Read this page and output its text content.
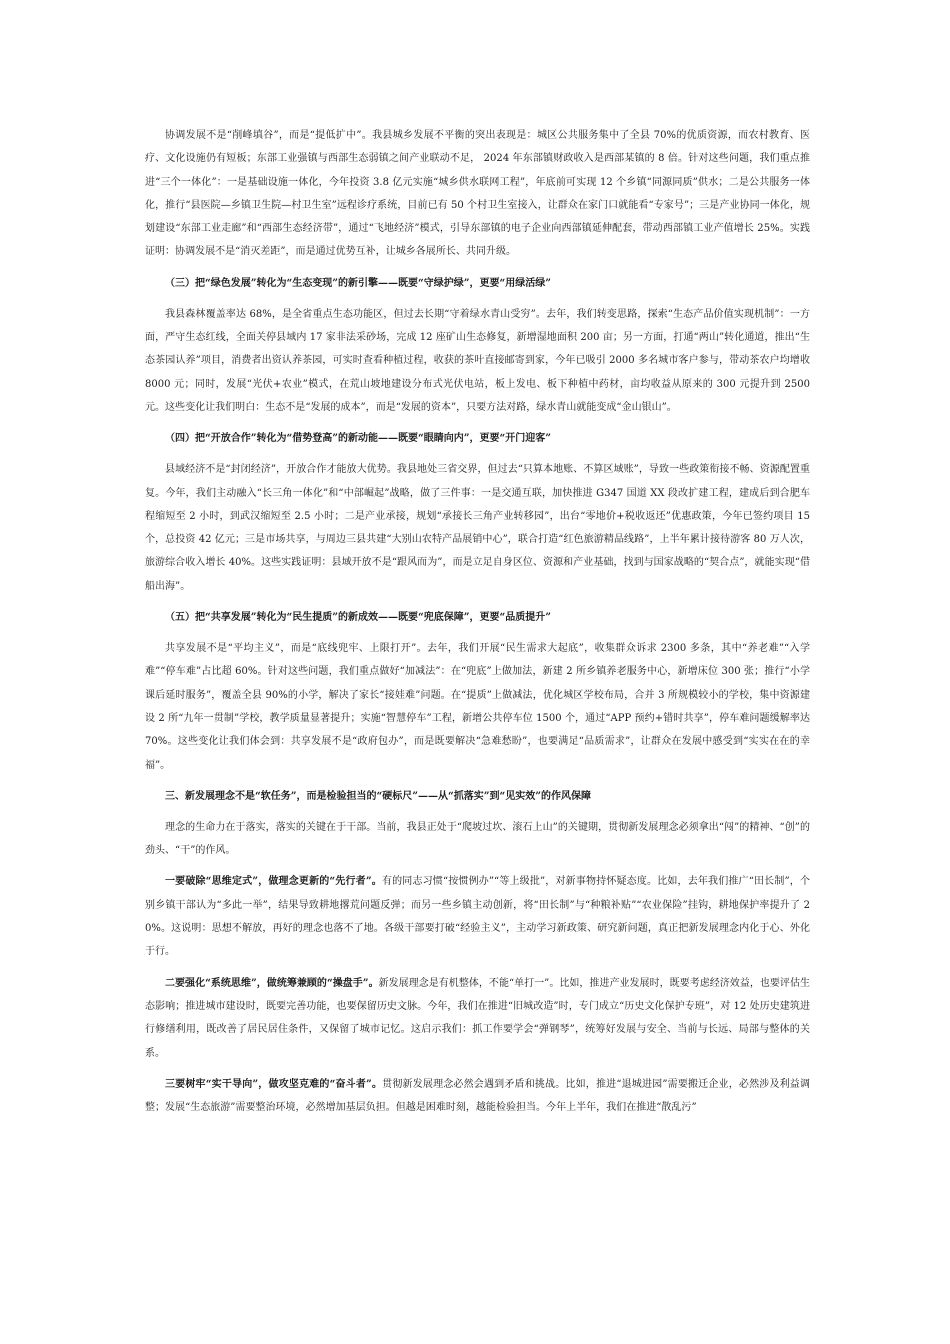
协调发展不是“削峰填谷”，而是“提低扩中”。我县城乡发展不平衡的突出表现是：城区公共服务集中了全县 70%的优质资源，而农村教育、医疗、文化设施仍有短板；东部工业强镇与西部生态弱镇之间产业联动不足， 2024 年东部镇财政收入是西部某镇的 8 倍。针对这些问题，我们重点推进“三个一体化”：一是基础设施一体化，今年投资 3.8 亿元实施“城乡供水联网工程”，年底前可实现 12 个乡镇“同源同质”供水；二是公共服务一体化，推行“县医院—乡镇卫生院—村卫生室”远程诊疗系统，目前已有 50 个村卫生室接入，让群众在家门口就能看“专家号”；三是产业协同一体化，规划建设“东部工业走廊”和“西部生态经济带”，通过“飞地经济”模式，引导东部镇的电子企业向西部镇延伸配套，带动西部镇工业产值增长 25%。实践证明：协调发展不是“消灭差距”，而是通过优势互补，让城乡各展所长、共同升级。

（三）把“绿色发展”转化为“生态变现”的新引擎——既要“守绿护绿”，更要“用绿活绿”

我县森林覆盖率达 68%，是全省重点生态功能区，但过去长期“守着绿水青山受穷”。去年，我们转变思路，探索“生态产品价值实现机制”：一方面，严守生态红线，全面关停县域内 17 家非法采砂场，完成 12 座矿山生态修复，新增湿地面积 200 亩；另一方面，打通“两山”转化通道，推出“生态茶园认养”项目，消费者出资认养茶园，可实时查看种植过程，收获的茶叶直接邮寄到家，今年已吸引 2000 多名城市客户参与，带动茶农户均增收 8000 元；同时，发展“光伏+农业”模式，在荒山坡地建设分布式光伏电站，板上发电、板下种植中药材，亩均收益从原来的 300 元提升到 2500 元。这些变化让我们明白：生态不是“发展的成本”，而是“发展的资本”，只要方法对路，绿水青山就能变成“金山银山”。

（四）把“开放合作”转化为“借势登高”的新动能——既要“眼睛向内”，更要“开门迎客”

县域经济不是“封闭经济”，开放合作才能放大优势。我县地处三省交界，但过去“只算本地账、不算区域账”，导致一些政策衔接不畅、资源配置重复。今年，我们主动融入“长三角一体化”和“中部崛起”战略，做了三件事：一是交通互联，加快推进 G347 国道 XX 段改扩建工程，建成后到合肥车程缩短至 2 小时，到武汉缩短至 2.5 小时；二是产业承接，规划“承接长三角产业转移园”，出台“零地价+税收返还”优惠政策，今年已签约项目 15 个，总投资 42 亿元；三是市场共享，与周边三县共建“大别山农特产品展销中心”，联合打造“红色旅游精品线路”，上半年累计接待游客 80 万人次，旅游综合收入增长 40%。这些实践证明：县域开放不是“跟风而为”，而是立足自身区位、资源和产业基础，找到与国家战略的“契合点”，就能实现“借船出海”。

（五）把“共享发展”转化为“民生提质”的新成效——既要“兜底保障”，更要“品质提升”

共享发展不是“平均主义”，而是“底线兜牢、上限打开”。去年，我们开展“民生需求大起底”，收集群众诉求 2300 多条，其中“养老难”“入学难”“停车难”占比超 60%。针对这些问题，我们重点做好“加减法”：在“兜底”上做加法，新建 2 所乡镇养老服务中心，新增床位 300 张；推行“小学课后延时服务”，覆盖全县 90%的小学，解决了家长“接娃难”问题。在“提质”上做减法，优化城区学校布局，合并 3 所规模较小的学校，集中资源建设 2 所“九年一贯制”学校，教学质量显著提升；实施“智慧停车”工程，新增公共停车位 1500 个，通过“APP 预约+错时共享”，停车难问题缓解率达 70%。这些变化让我们体会到：共享发展不是“政府包办”，而是既要解决“急难愁盼”，也要满足“品质需求”，让群众在发展中感受到“实实在在的幸福”。

三、新发展理念不是“软任务”，而是检验担当的“硬标尺”——从“抓落实”到“见实效”的作风保障

理念的生命力在于落实，落实的关键在于干部。当前，我县正处于“爬坡过坎、滚石上山”的关键期，贯彻新发展理念必须拿出“闯”的精神、“创”的劲头、“干”的作风。

一要破除“思维定式”，做理念更新的“先行者”。有的同志习惯“按惯例办”“等上级批”，对新事物持怀疑态度。比如，去年我们推广“田长制”，个别乡镇干部认为“多此一举”，结果导致耕地撂荒问题反弹；而另一些乡镇主动创新，将“田长制”与“种粮补贴”“农业保险”挂钩，耕地保护率提升了 20%。这说明：思想不解放，再好的理念也落不了地。各级干部要打破“经验主义”，主动学习新政策、研究新问题，真正把新发展理念内化于心、外化于行。

二要强化“系统思维”，做统筹兼顾的“操盘手”。新发展理念是有机整体，不能“单打一”。比如，推进产业发展时，既要考虑经济效益，也要评估生态影响；推进城市建设时，既要完善功能，也要保留历史文脉。今年，我们在推进“旧城改造”时，专门成立“历史文化保护专班”，对 12 处历史建筑进行修缮利用，既改善了居民居住条件，又保留了城市记忆。这启示我们：抓工作要学会“弹钢琴”，统筹好发展与安全、当前与长远、局部与整体的关系。

三要树牢“实干导向”，做攻坚克难的“奋斗者”。贯彻新发展理念必然会遇到矛盾和挑战。比如，推进“退城进园”需要搬迁企业，必然涉及利益调整；发展“生态旅游”需要整治环境，必然增加基层负担。但越是困难时刻，越能检验担当。今年上半年，我们在推进“散乱污”
